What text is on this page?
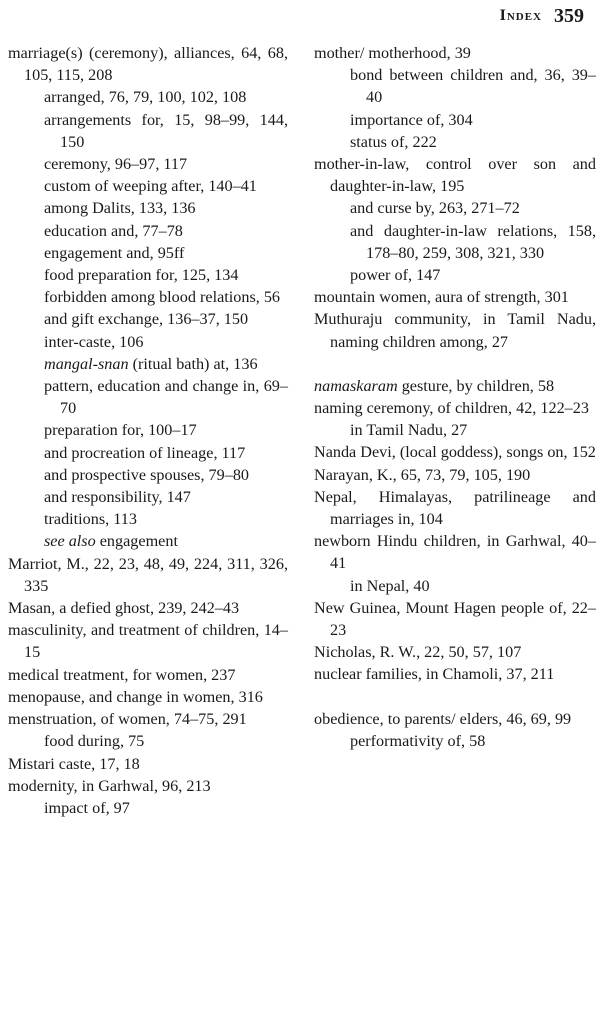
Index 359
marriage(s) (ceremony), alliances, 64, 68, 105, 115, 208
arranged, 76, 79, 100, 102, 108
arrangements for, 15, 98–99, 144, 150
ceremony, 96–97, 117
custom of weeping after, 140–41
among Dalits, 133, 136
education and, 77–78
engagement and, 95ff
food preparation for, 125, 134
forbidden among blood relations, 56
and gift exchange, 136–37, 150
inter-caste, 106
mangal-snan (ritual bath) at, 136
pattern, education and change in, 69–70
preparation for, 100–17
and procreation of lineage, 117
and prospective spouses, 79–80
and responsibility, 147
traditions, 113
see also engagement
Marriot, M., 22, 23, 48, 49, 224, 311, 326, 335
Masan, a defied ghost, 239, 242–43
masculinity, and treatment of children, 14–15
medical treatment, for women, 237
menopause, and change in women, 316
menstruation, of women, 74–75, 291
food during, 75
Mistari caste, 17, 18
modernity, in Garhwal, 96, 213
impact of, 97
mother/ motherhood, 39
bond between children and, 36, 39–40
importance of, 304
status of, 222
mother-in-law, control over son and daughter-in-law, 195
and curse by, 263, 271–72
and daughter-in-law relations, 158, 178–80, 259, 308, 321, 330
power of, 147
mountain women, aura of strength, 301
Muthuraju community, in Tamil Nadu, naming children among, 27
namaskaram gesture, by children, 58
naming ceremony, of children, 42, 122–23
in Tamil Nadu, 27
Nanda Devi, (local goddess), songs on, 152
Narayan, K., 65, 73, 79, 105, 190
Nepal, Himalayas, patrilineage and marriages in, 104
newborn Hindu children, in Garhwal, 40–41
in Nepal, 40
New Guinea, Mount Hagen people of, 22–23
Nicholas, R. W., 22, 50, 57, 107
nuclear families, in Chamoli, 37, 211
obedience, to parents/ elders, 46, 69, 99
performativity of, 58
